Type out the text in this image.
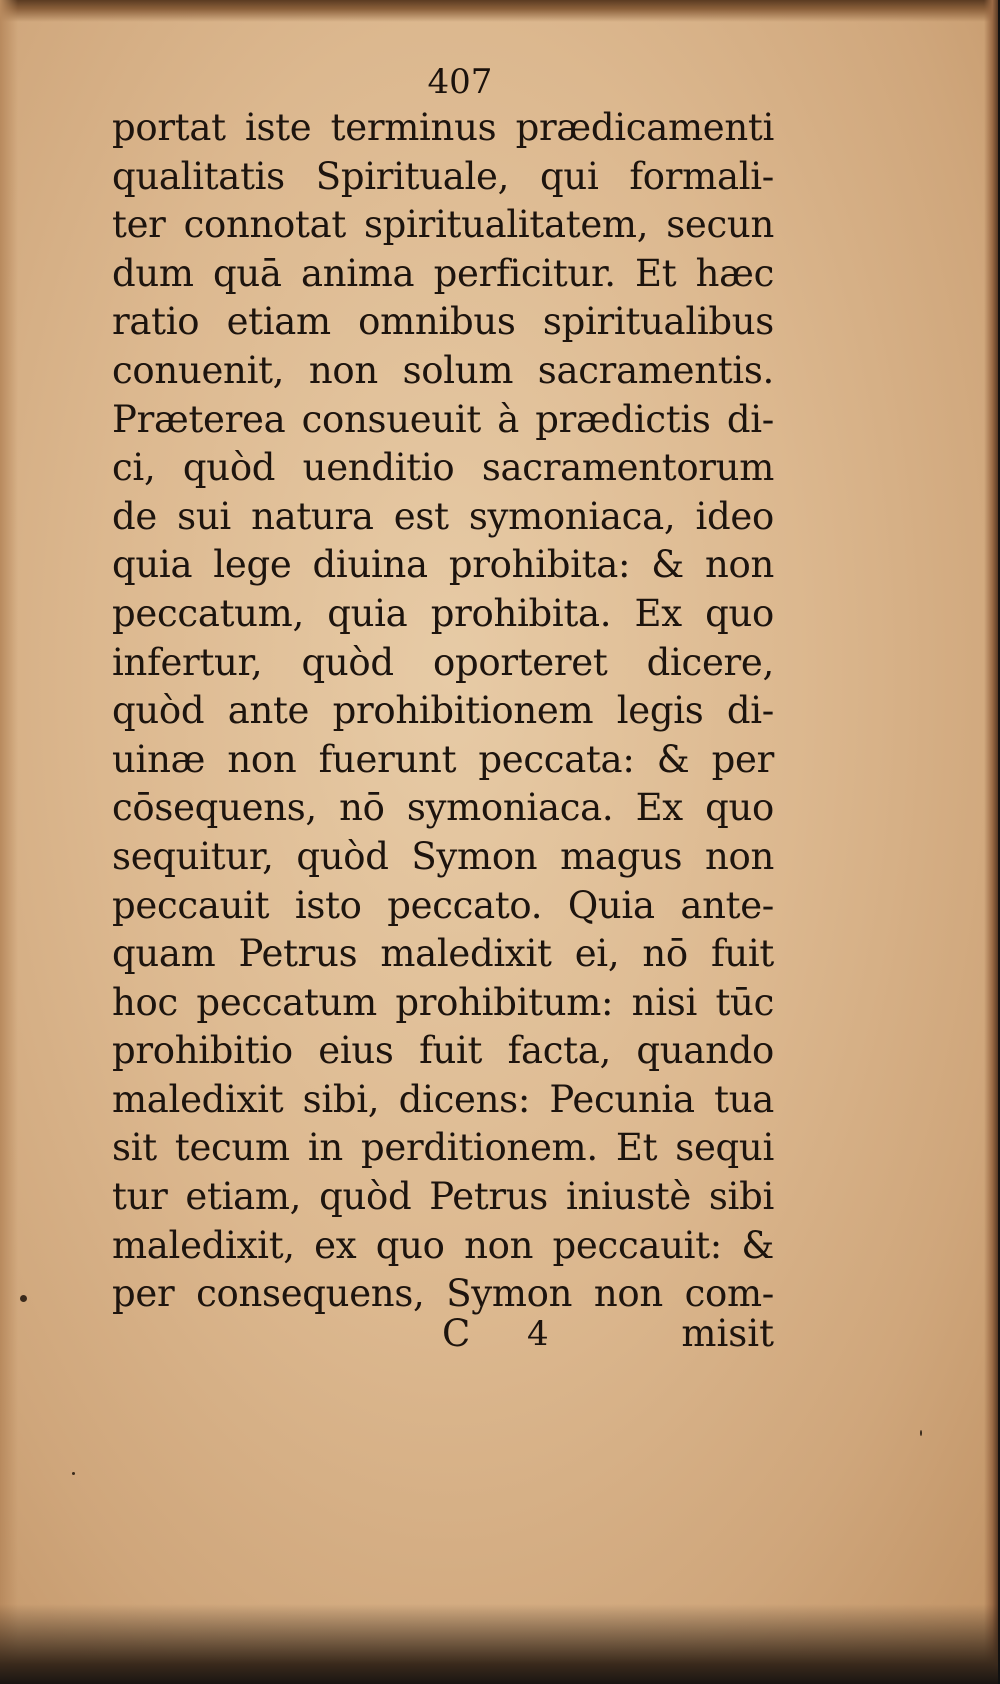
407
portat iste terminus prædicamenti
qualitatis Spirituale, qui formali-
ter connotat spiritualitatem, secun
dum quā anima perficitur. Et hæc
ratio etiam omnibus spiritualibus
conuenit, non solum sacramentis.
Præterea consueuit à prædictis di-
ci, quòd uenditio sacramentorum
de sui natura est symoniaca, ideo
quia lege diuina prohibita: & non
peccatum, quia prohibita. Ex quo
infertur, quòd oporteret dicere,
quòd ante prohibitionem legis di-
uinæ non fuerunt peccata: & per
cōsequens, nō symoniaca. Ex quo
sequitur, quòd Symon magus non
peccauit isto peccato. Quia ante-
quam Petrus maledixit ei, nō fuit
hoc peccatum prohibitum: nisi tūc
prohibitio eius fuit facta, quando
maledixit sibi, dicens: Pecunia tua
sit tecum in perditionem. Et sequi
tur etiam, quòd Petrus iniustè sibi
maledixit, ex quo non peccauit: &
per consequens, Symon non com-
C 4	misit
